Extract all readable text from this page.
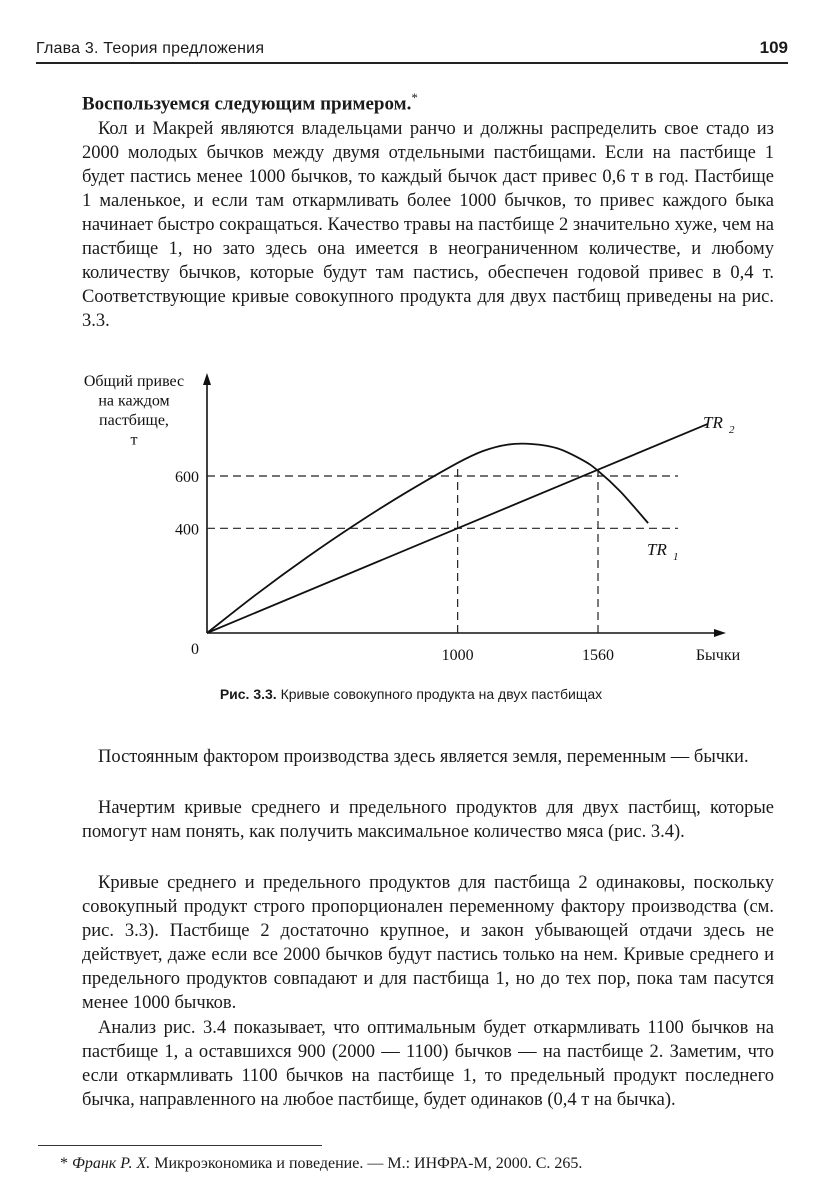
Глава 3. Теория предложения	109
Воспользуемся следующим примером.*

Кол и Макрей являются владельцами ранчо и должны распределить свое стадо из 2000 молодых бычков между двумя отдельными пастбищами. Если на пастбище 1 будет пастись менее 1000 бычков, то каждый бычок даст привес 0,6 т в год. Пастбище 1 маленькое, и если там откармливать более 1000 бычков, то привес каждого быка начинает быстро сокращаться. Качество травы на пастбище 2 значительно хуже, чем на пастбище 1, но зато здесь она имеется в неограниченном количестве, и любому количеству бычков, которые будут там пастись, обеспечен годовой привес в 0,4 т. Соответствующие кривые совокупного продукта для двух пастбищ приведены на рис. 3.3.

TR 2
TR 1
600
400
1000	1560
0	Бычки
Общий привес
на каждом
пастбище,
т
Рис. 3.3. Кривые совокупного продукта на двух пастбищах

Постоянным фактором производства здесь является земля, переменным — бычки.

Начертим кривые среднего и предельного продуктов для двух пастбищ, которые помогут нам понять, как получить максимальное количество мяса (рис. 3.4).

Кривые среднего и предельного продуктов для пастбища 2 одинаковы, поскольку совокупный продукт строго пропорционален переменному фактору производства (см. рис. 3.3). Пастбище 2 достаточно крупное, и закон убывающей отдачи здесь не действует, даже если все 2000 бычков будут пастись только на нем. Кривые среднего и предельного продуктов совпадают и для пастбища 1, но до тех пор, пока там пасутся менее 1000 бычков.

Анализ рис. 3.4 показывает, что оптимальным будет откармливать 1100 бычков на пастбище 1, а оставшихся 900 (2000 — 1100) бычков — на пастбище 2. Заметим, что если откармливать 1100 бычков на пастбище 1, то предельный продукт последнего бычка, направленного на любое пастбище, будет одинаков (0,4 т на бычка).

* Франк Р. Х. Микроэкономика и поведение. — М.: ИНФРА-М, 2000. С. 265.
